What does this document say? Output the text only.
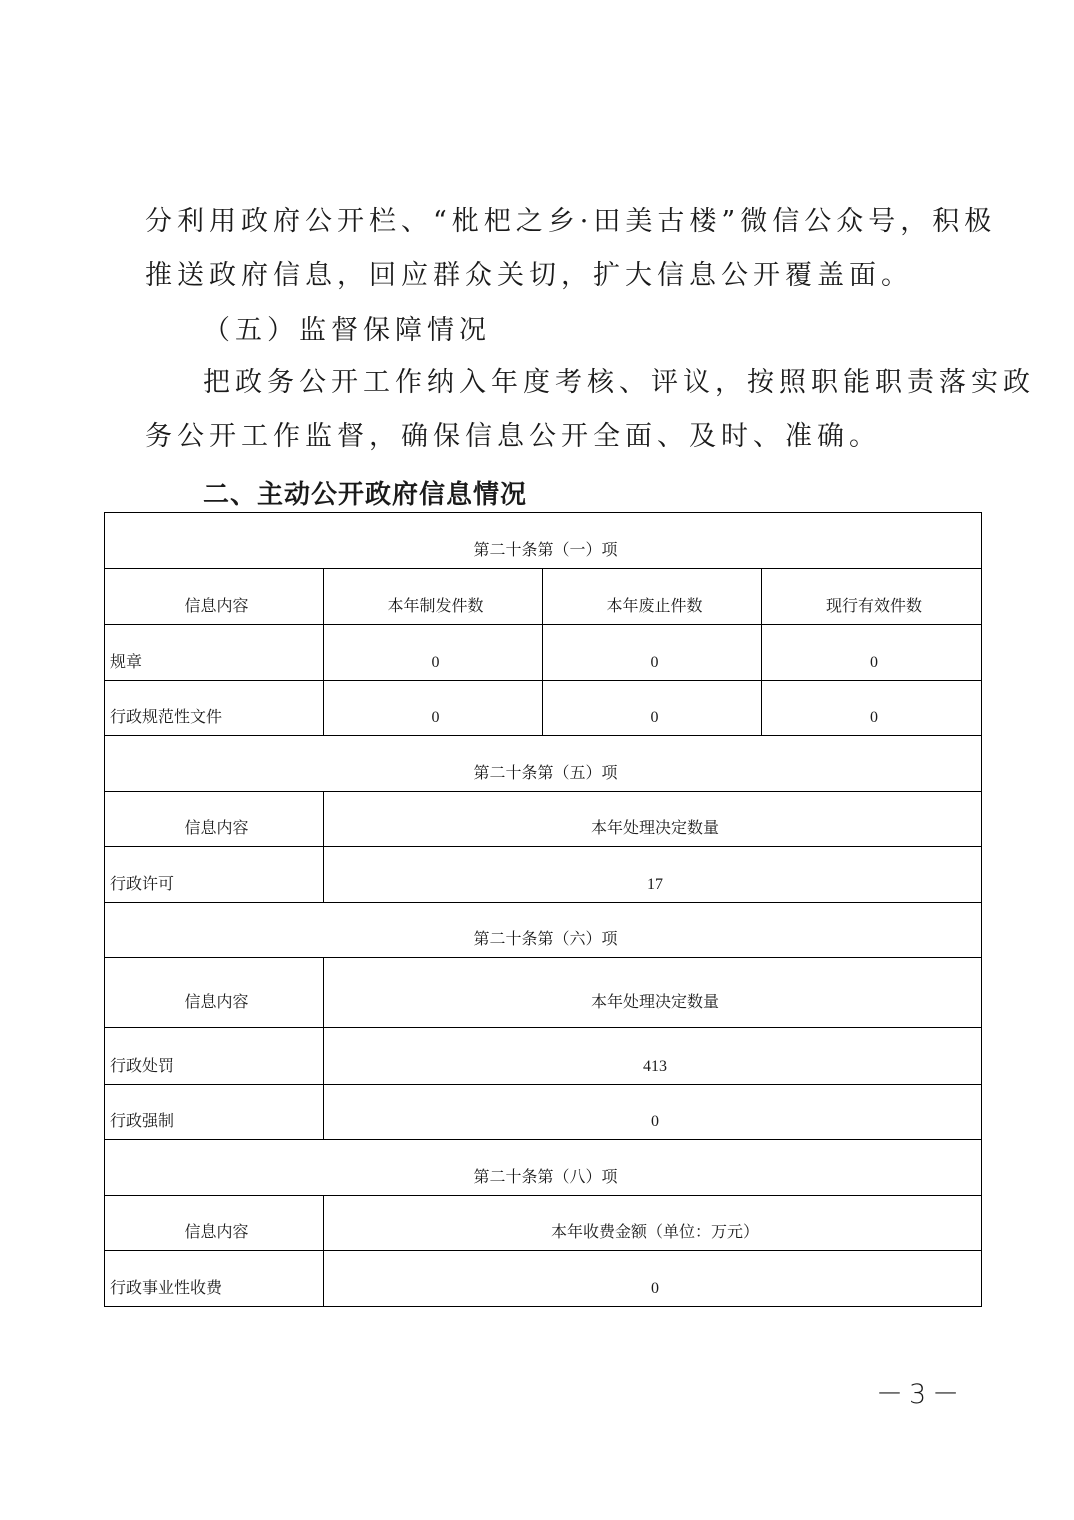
分利用政府公开栏、“枇杷之乡·田美古楼”微信公众号，积极
推送政府信息，回应群众关切，扩大信息公开覆盖面。
（五）监督保障情况
把政务公开工作纳入年度考核、评议，按照职能职责落实政
务公开工作监督，确保信息公开全面、及时、准确。
二、主动公开政府信息情况
第二十条第（一）项			
信息内容	本年制发件数	本年废止件数	现行有效件数
规章	0	0	0
行政规范性文件	0	0	0
第二十条第（五）项			
信息内容	本年处理决定数量		
行政许可	17		
第二十条第（六）项			
信息内容	本年处理决定数量		
行政处罚	413		
行政强制	0		
第二十条第（八）项			
信息内容	本年收费金额（单位：万元）		
行政事业性收费	0		
－3－
